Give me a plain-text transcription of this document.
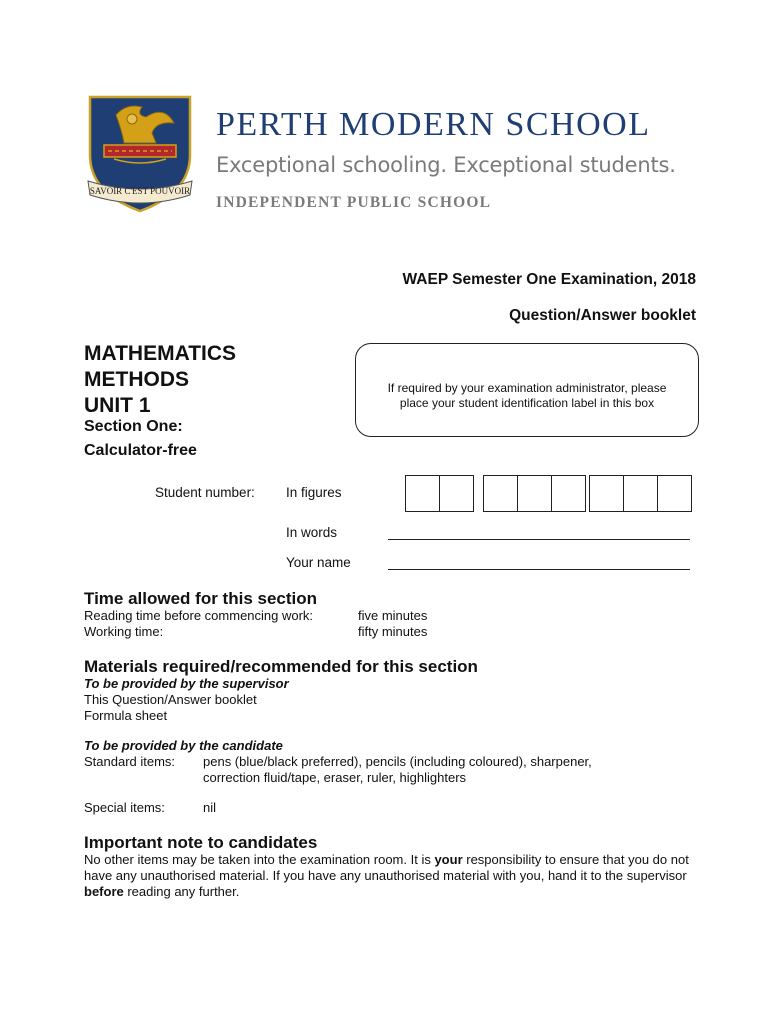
SAVOIR C'EST POUVOIR
PERTH MODERN SCHOOL
Exceptional schooling. Exceptional students.
INDEPENDENT PUBLIC SCHOOL
WAEP Semester One Examination, 2018
Question/Answer booklet
MATHEMATICS
METHODS
UNIT 1
Section One:
Calculator-free
If required by your examination administrator, please
place your student identification label in this box
Student number: In figures
In words
Your name
Time allowed for this section
Reading time before commencing work:	five minutes
Working time:	fifty minutes
Materials required/recommended for this section
To be provided by the supervisor
This Question/Answer booklet
Formula sheet
To be provided by the candidate
Standard items: pens (blue/black preferred), pencils (including coloured), sharpener,
correction fluid/tape, eraser, ruler, highlighters
Special items:	nil
Important note to candidates
No other items may be taken into the examination room. It is your responsibility to ensure that you do not have any unauthorised material. If you have any unauthorised material with you, hand it to the supervisor before reading any further.
